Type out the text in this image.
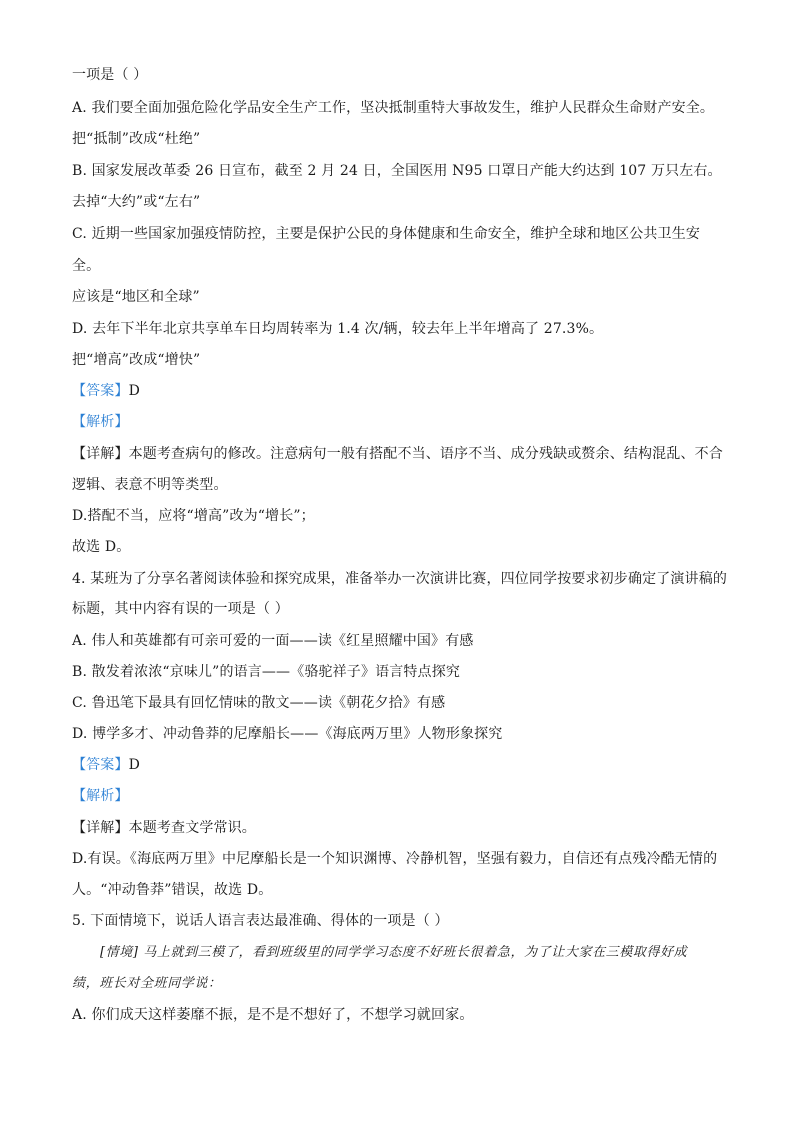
一项是（ ）
A. 我们要全面加强危险化学品安全生产工作，坚决抵制重特大事故发生，维护人民群众生命财产安全。
把“抵制”改成“杜绝”
B. 国家发展改革委 26 日宣布，截至 2 月 24 日，全国医用 N95 口罩日产能大约达到 107 万只左右。
去掉“大约”或“左右”
C. 近期一些国家加强疫情防控，主要是保护公民的身体健康和生命安全，维护全球和地区公共卫生安
全。
应该是“地区和全球”
D. 去年下半年北京共享单车日均周转率为 1.4 次/辆，较去年上半年增高了 27.3%。
把“增高”改成“增快”
【答案】D
【解析】
【详解】本题考查病句的修改。注意病句一般有搭配不当、语序不当、成分残缺或赘余、结构混乱、不合
逻辑、表意不明等类型。
D.搭配不当，应将“增高”改为“增长”；
故选 D。
4. 某班为了分享名著阅读体验和探究成果，准备举办一次演讲比赛，四位同学按要求初步确定了演讲稿的
标题，其中内容有误的一项是（ ）
A. 伟人和英雄都有可亲可爱的一面——读《红星照耀中国》有感
B. 散发着浓浓“京味儿”的语言——《骆驼祥子》语言特点探究
C. 鲁迅笔下最具有回忆情味的散文——读《朝花夕拾》有感
D. 博学多才、冲动鲁莽的尼摩船长——《海底两万里》人物形象探究
【答案】D
【解析】
【详解】本题考查文学常识。
D.有误。《海底两万里》中尼摩船长是一个知识渊博、冷静机智，坚强有毅力，自信还有点残冷酷无情的
人。“冲动鲁莽”错误，故选 D。
5. 下面情境下，说话人语言表达最准确、得体的一项是（ ）
[情境] 马上就到三模了，看到班级里的同学学习态度不好班长很着急，为了让大家在三模取得好成
绩，班长对全班同学说：
A. 你们成天这样萎靡不振，是不是不想好了，不想学习就回家。
